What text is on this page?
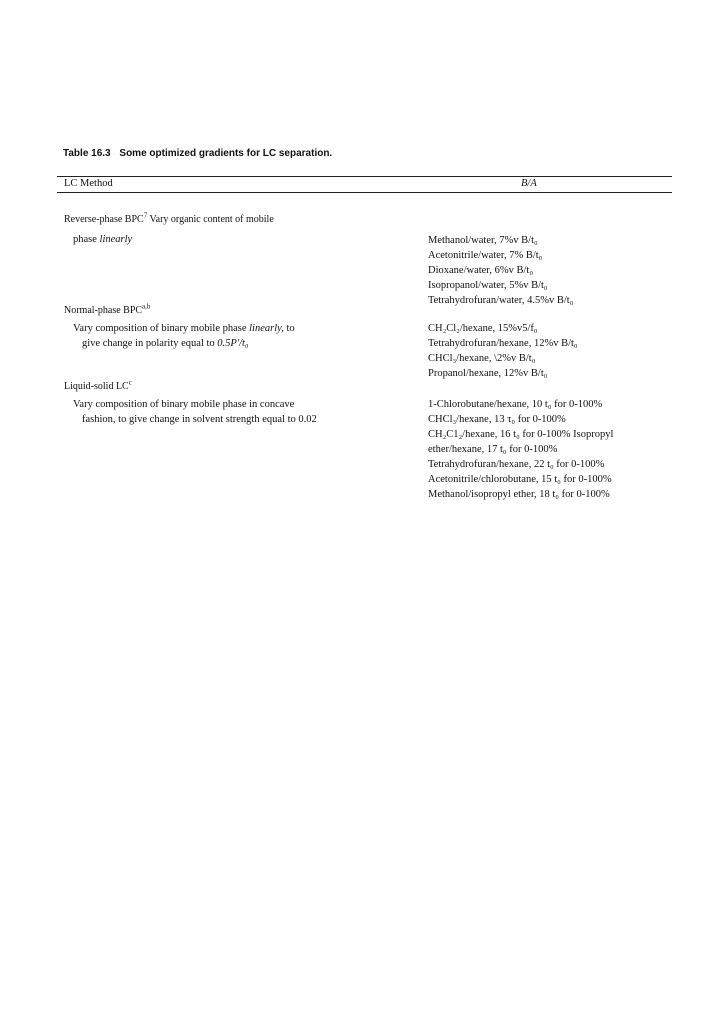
Table 16.3 Some optimized gradients for LC separation.
LC Method	B/A
Reverse-phase BPC$^7$ Vary organic content of mobile
phase linearly	Methanol/water, 7%v B/t₀
Acetonitrile/water, 7% B/t₀
Dioxane/water, 6%v B/t₀
Isopropanol/water, 5%v B/t₀
Tetrahydrofuran/water, 4.5%v B/t₀
Normal-phase BPC$^{a,b}$
Vary composition of binary mobile phase linearly, to
give change in polarity equal to 0.5P'/t₀
CH₂Cl₂/hexane, 15%v5/f₀
Tetrahydrofuran/hexane, 12%v B/t₀
CHCl₃/hexane, \2%v B/t₀
Propanol/hexane, 12%v B/t₀
Liquid-solid $LC^c$
Vary composition of binary mobile phase in concave
fashion, to give change in solvent strength equal to 0.02
1-Chlorobutane/hexane, 10 t₀ for 0-100%
CHCl₃/hexane, 13 τ₀ for 0-100%
CH₂C1₂/hexane, 16 t₀ for 0-100% Isopropyl
ether/hexane, 17 t₀ for 0-100%
Tetrahydrofuran/hexane, 22 t₀ for 0-100%
Acetonitrile/chlorobutane, 15 t₀ for 0-100%
Methanol/isopropyl ether, 18 t₀ for 0-100%
